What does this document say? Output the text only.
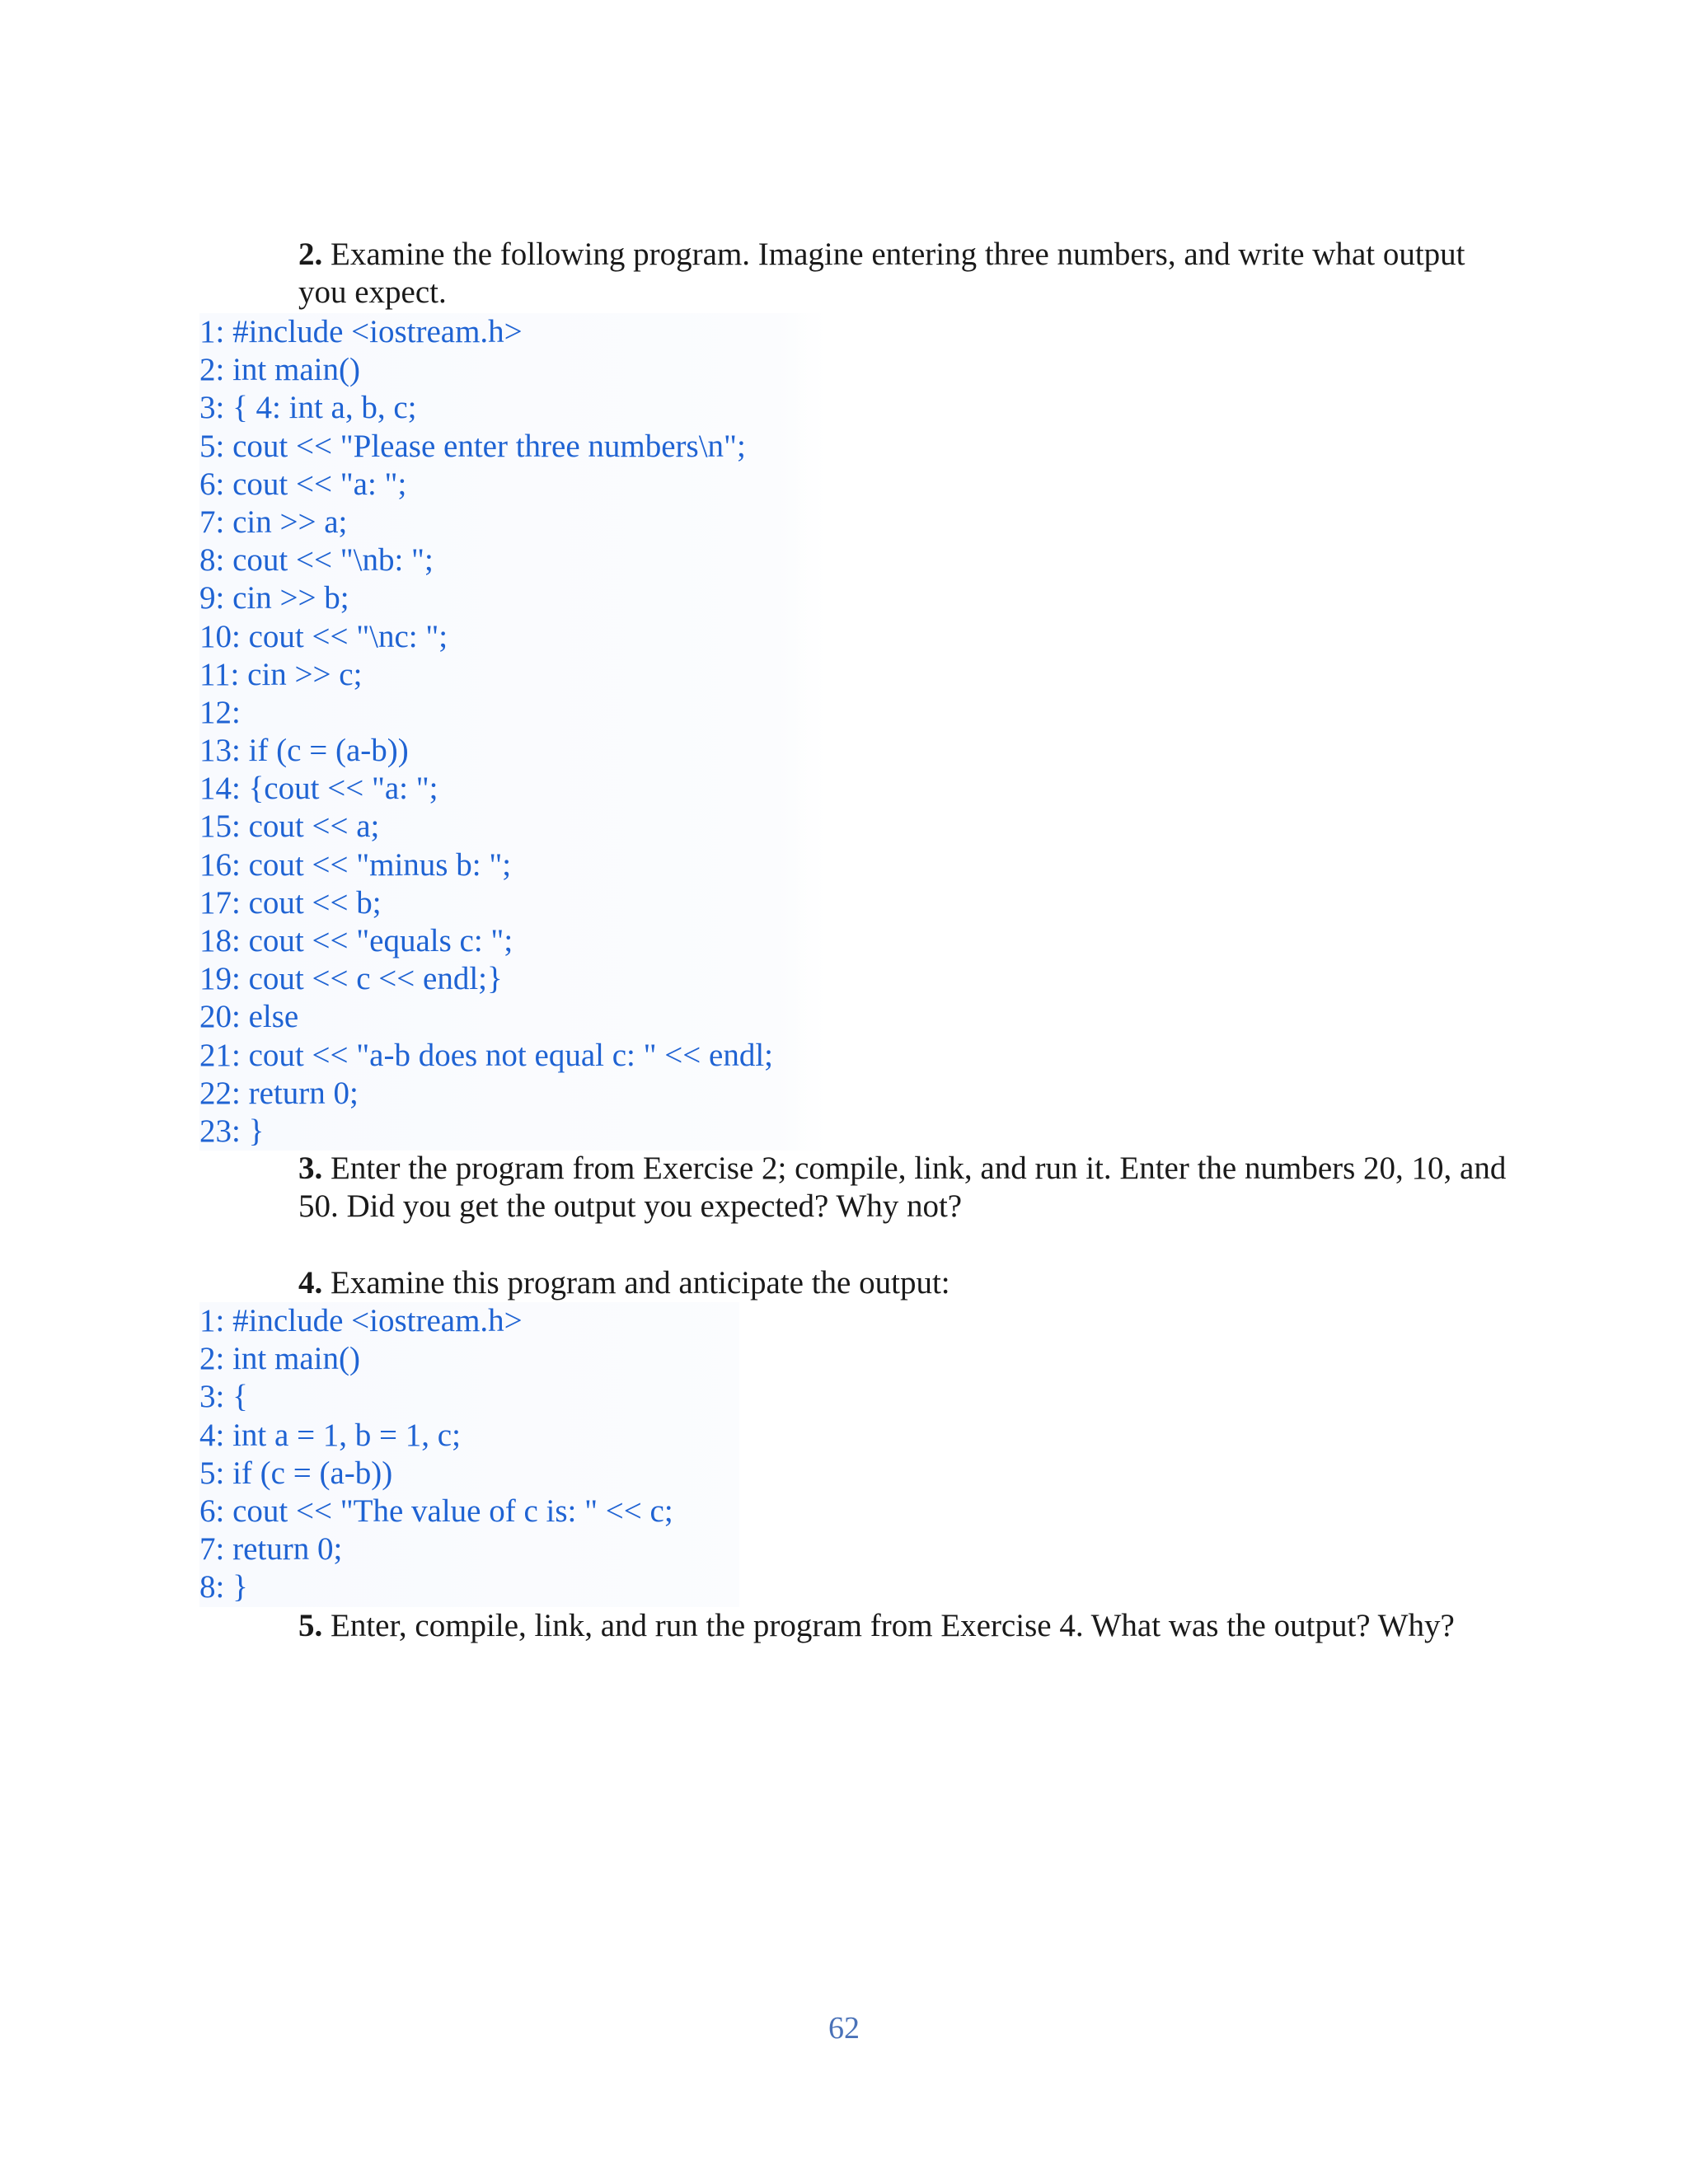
2. Examine the following program. Imagine entering three numbers, and write what output you expect.

1: #include <iostream.h>
2: int main()
3: { 4: int a, b, c;
5: cout << "Please enter three numbers\n";
6: cout << "a: ";
7: cin >> a;
8: cout << "\nb: ";
9: cin >> b;
10: cout << "\nc: ";
11: cin >> c;
12:
13: if (c = (a-b))
14: {cout << "a: ";
15: cout << a;
16: cout << "minus b: ";
17: cout << b;
18: cout << "equals c: ";
19: cout << c << endl;}
20: else
21: cout << "a-b does not equal c: " << endl;
22: return 0;
23: }

3. Enter the program from Exercise 2; compile, link, and run it. Enter the numbers 20, 10, and 50. Did you get the output you expected? Why not?

4. Examine this program and anticipate the output:

1: #include <iostream.h>
2: int main()
3: {
4: int a = 1, b = 1, c;
5: if (c = (a-b))
6: cout << "The value of c is: " << c;
7: return 0;
8: }

5. Enter, compile, link, and run the program from Exercise 4. What was the output? Why?

62
